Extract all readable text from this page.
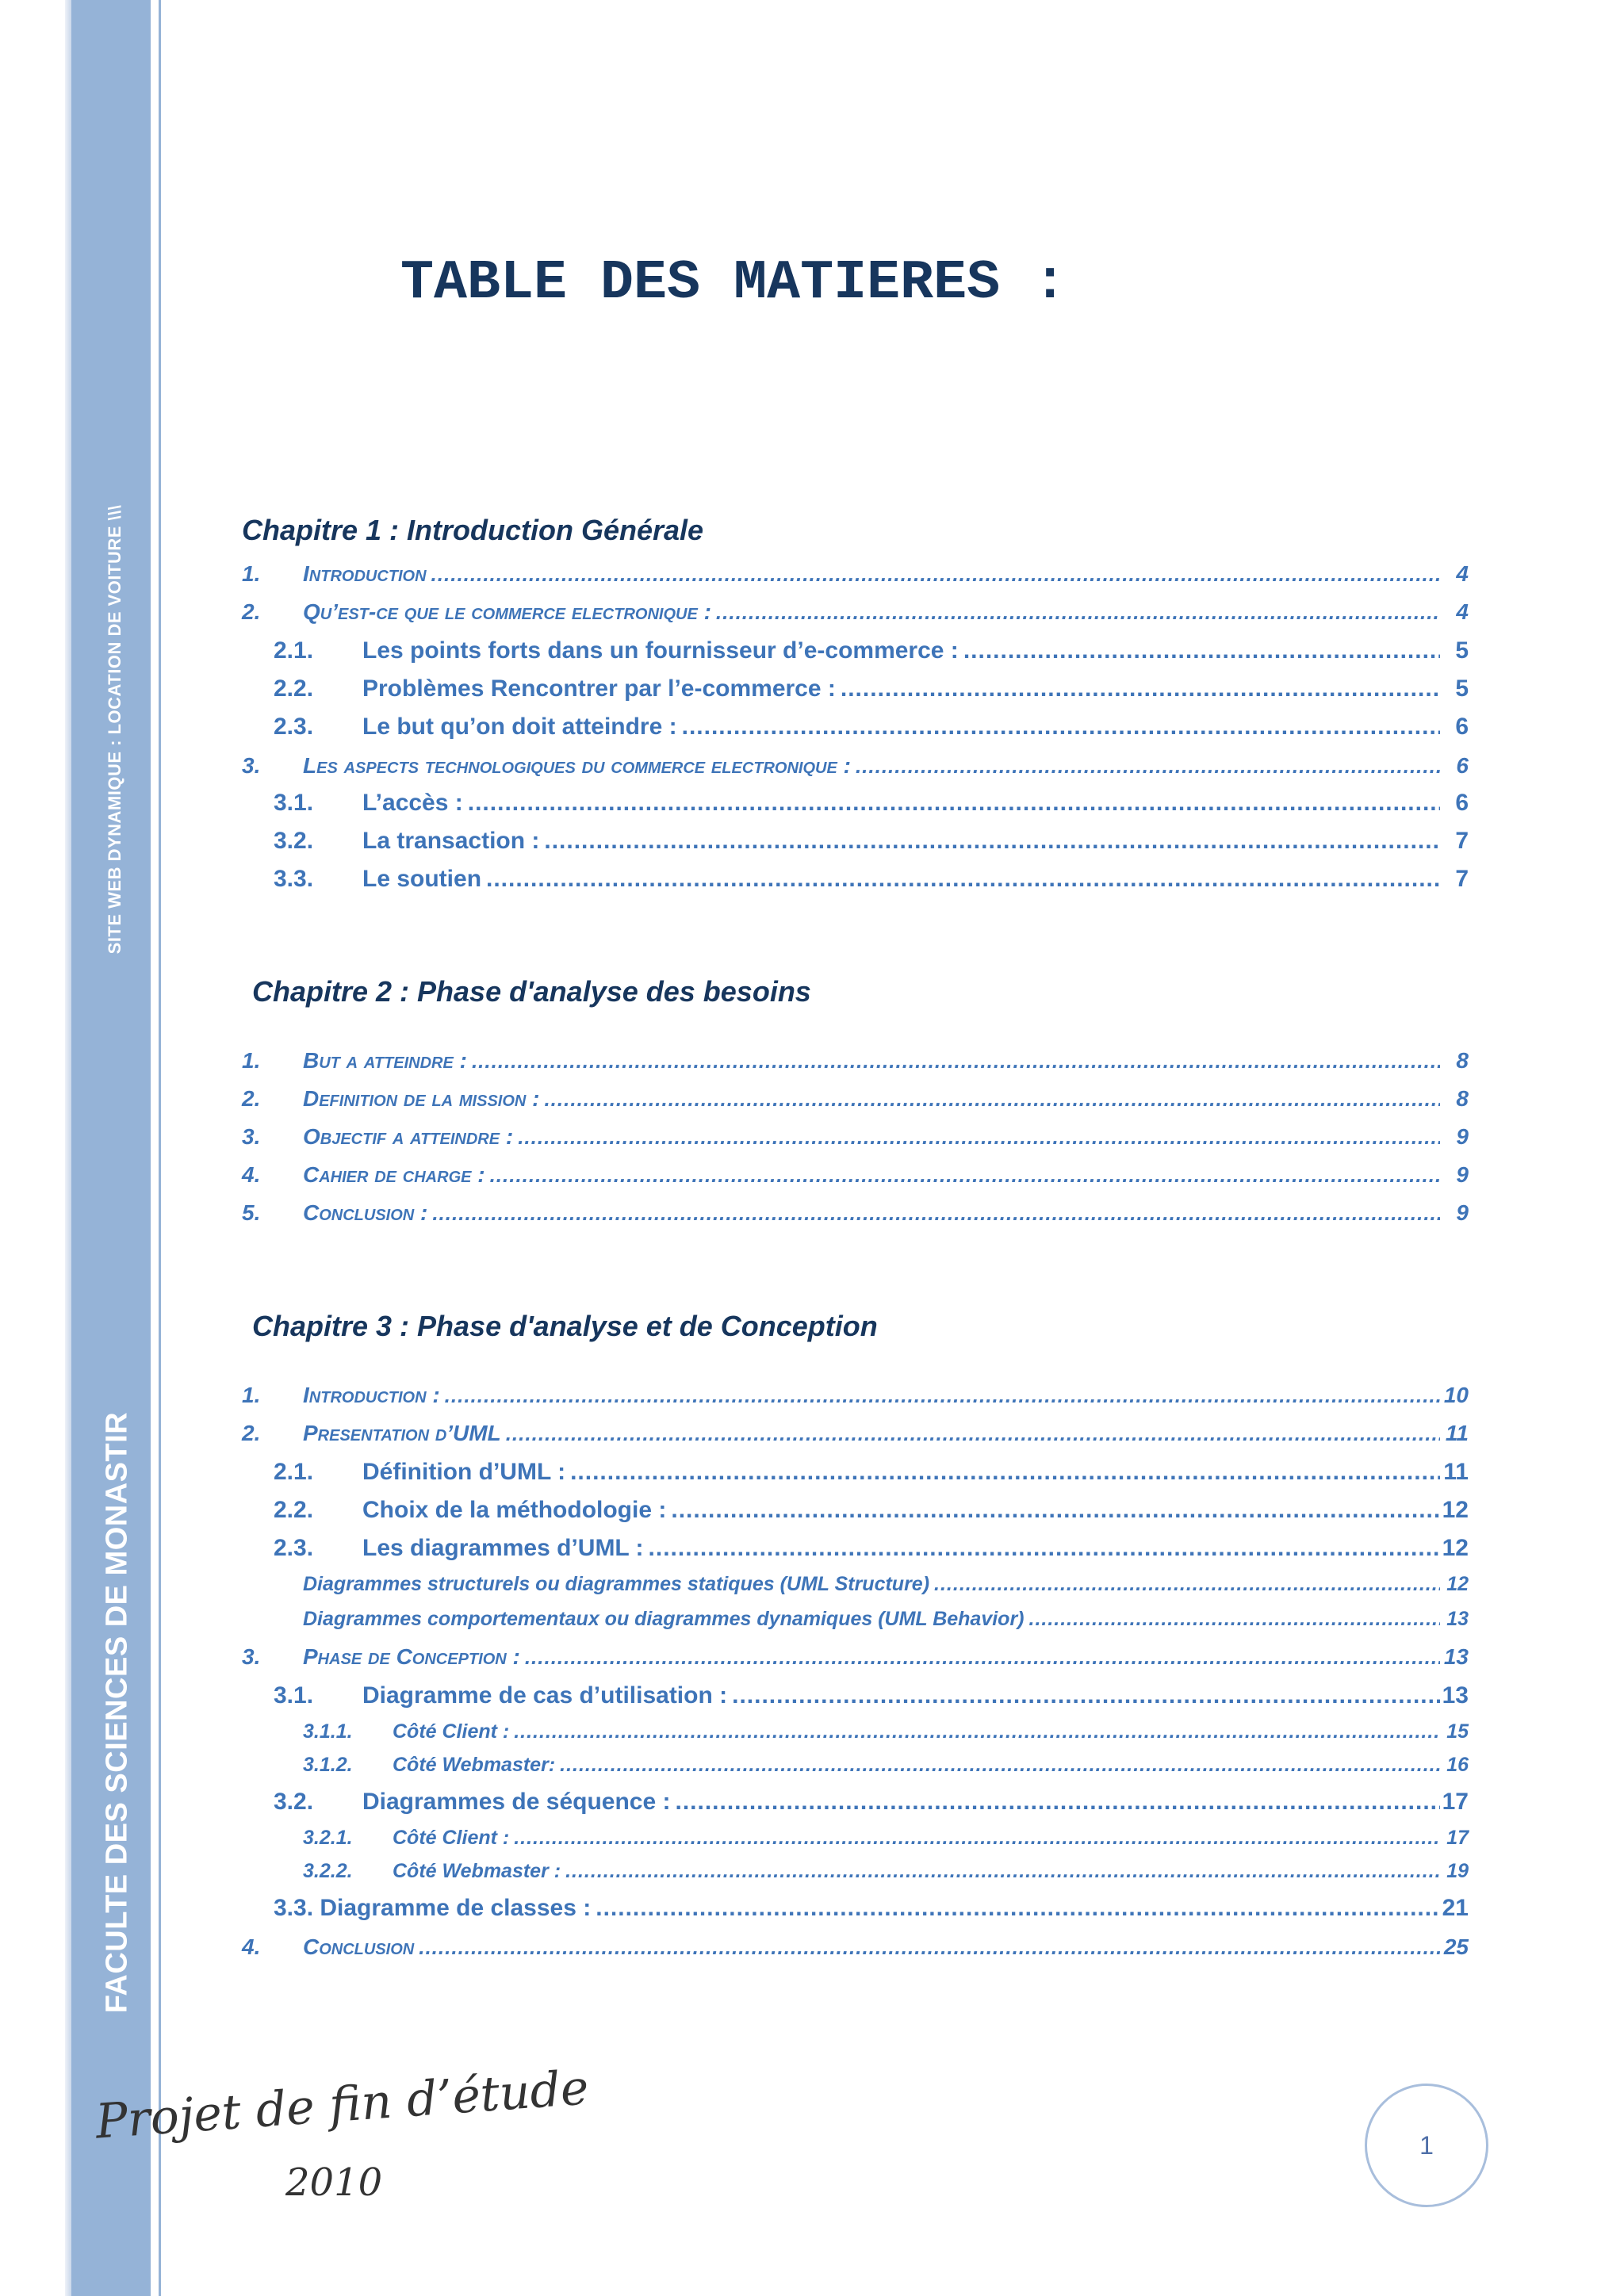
SITE WEB DYNAMIQUE : LOCATION DE VOITURE \\\
FACULTE DES SCIENCES DE MONASTIR
TABLE DES MATIERES :
Chapitre 1 : Introduction Générale
1. Introduction .....	4
2. Qu’est-ce que le commerce electronique : .....	4
2.1. Les points forts dans un fournisseur d’e-commerce : .....	5
2.2. Problèmes Rencontrer par l’e-commerce : .....	5
2.3. Le but qu’on doit atteindre : .....	6
3. Les aspects technologiques du commerce electronique : .....	6
3.1. L’accès : .....	6
3.2. La transaction : .....	7
3.3. Le soutien .....	7
Chapitre 2 : Phase d'analyse des besoins
1. But a atteindre : .....	8
2. Definition de la mission : .....	8
3. Objectif a atteindre : .....	9
4. Cahier de charge : .....	9
5. Conclusion : .....	9
Chapitre 3 : Phase d'analyse et de Conception
1. Introduction : .....	10
2. Presentation d’UML .....	11
2.1. Définition d’UML : .....	11
2.2. Choix de la méthodologie : .....	12
2.3. Les diagrammes d’UML : .....	12
Diagrammes structurels ou diagrammes statiques (UML Structure) .....	12
Diagrammes comportementaux ou diagrammes dynamiques (UML Behavior) .....	13
3. Phase de Conception : .....	13
3.1. Diagramme de cas d’utilisation : .....	13
3.1.1. Côté Client : .....	15
3.1.2. Côté Webmaster: .....	16
3.2. Diagrammes de séquence : .....	17
3.2.1. Côté Client : .....	17
3.2.2. Côté Webmaster : .....	19
3.3. Diagramme de classes : .....	21
4. Conclusion .....	25
Projet de fin d’étude
2010
1
